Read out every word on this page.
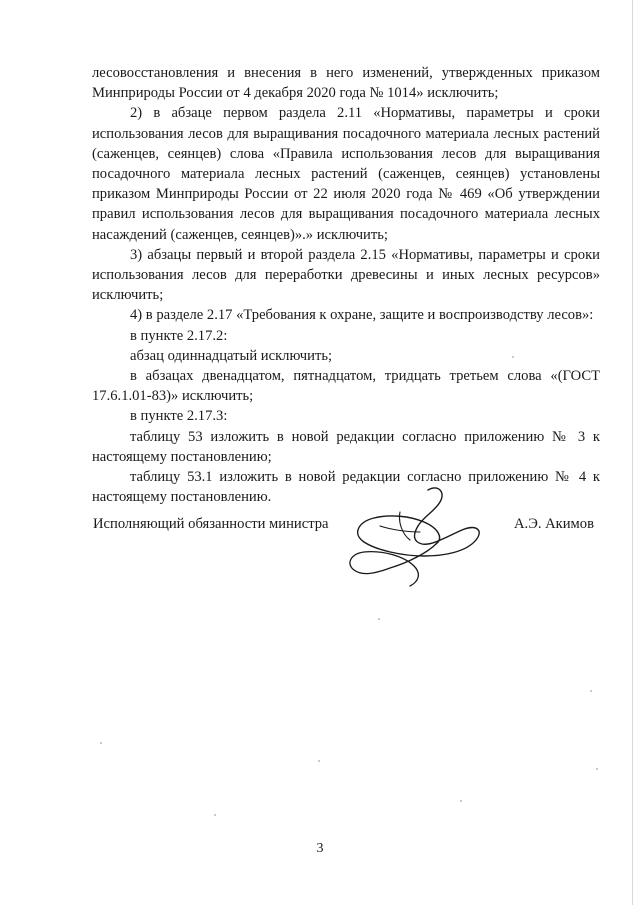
лесовосстановления и внесения в него изменений, утвержденных приказом Минприроды России от 4 декабря 2020 года № 1014» исключить;

2) в абзаце первом раздела 2.11 «Нормативы, параметры и сроки использования лесов для выращивания посадочного материала лесных растений (саженцев, сеянцев) слова «Правила использования лесов для выращивания посадочного материала лесных растений (саженцев, сеянцев) установлены приказом Минприроды России от 22 июля 2020 года № 469 «Об утверждении правил использования лесов для выращивания посадочного материала лесных насаждений (саженцев, сеянцев)».» исключить;

3) абзацы первый и второй раздела 2.15 «Нормативы, параметры и сроки использования лесов для переработки древесины и иных лесных ресурсов» исключить;

4) в разделе 2.17 «Требования к охране, защите и воспроизводству лесов»:

в пункте 2.17.2:

абзац одиннадцатый исключить;

в абзацах двенадцатом, пятнадцатом, тридцать третьем слова «(ГОСТ 17.6.1.01-83)» исключить;

в пункте 2.17.3:

таблицу 53 изложить в новой редакции согласно приложению № 3 к настоящему постановлению;

таблицу 53.1 изложить в новой редакции согласно приложению № 4 к настоящему постановлению.

Исполняющий обязанности министра	А.Э. Акимов
3
